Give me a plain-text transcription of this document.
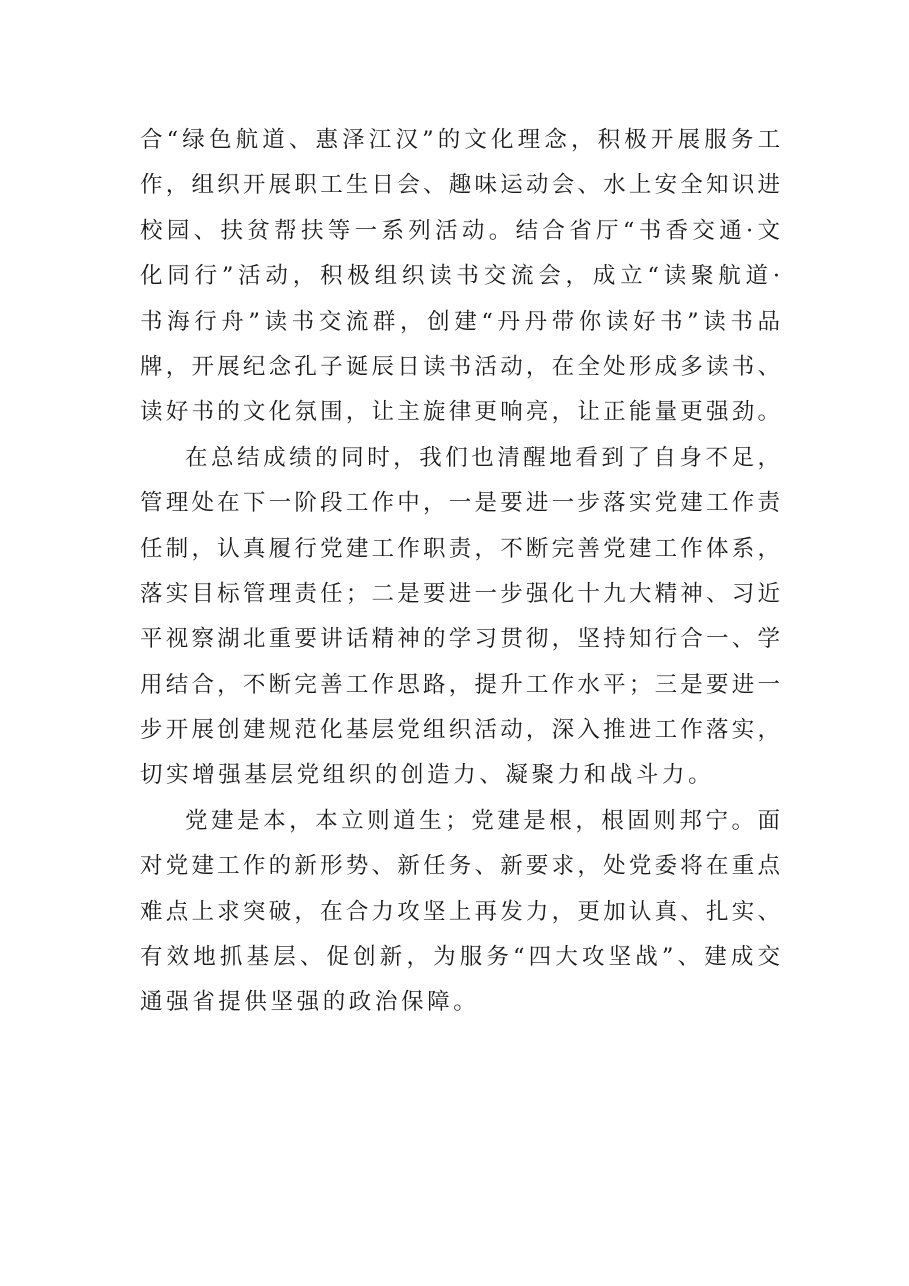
合“绿色航道、惠泽江汉”的文化理念，积极开展服务工
作，组织开展职工生日会、趣味运动会、水上安全知识进
校园、扶贫帮扶等一系列活动。结合省厅“书香交通·文
化同行”活动，积极组织读书交流会，成立“读聚航道·
书海行舟”读书交流群，创建“丹丹带你读好书”读书品
牌，开展纪念孔子诞辰日读书活动，在全处形成多读书、
读好书的文化氛围，让主旋律更响亮，让正能量更强劲。
在总结成绩的同时，我们也清醒地看到了自身不足，
管理处在下一阶段工作中，一是要进一步落实党建工作责
任制，认真履行党建工作职责，不断完善党建工作体系，
落实目标管理责任；二是要进一步强化十九大精神、习近
平视察湖北重要讲话精神的学习贯彻，坚持知行合一、学
用结合，不断完善工作思路，提升工作水平；三是要进一
步开展创建规范化基层党组织活动，深入推进工作落实，
切实增强基层党组织的创造力、凝聚力和战斗力。
党建是本，本立则道生；党建是根，根固则邦宁。面
对党建工作的新形势、新任务、新要求，处党委将在重点
难点上求突破，在合力攻坚上再发力，更加认真、扎实、
有效地抓基层、促创新，为服务“四大攻坚战”、建成交
通强省提供坚强的政治保障。
